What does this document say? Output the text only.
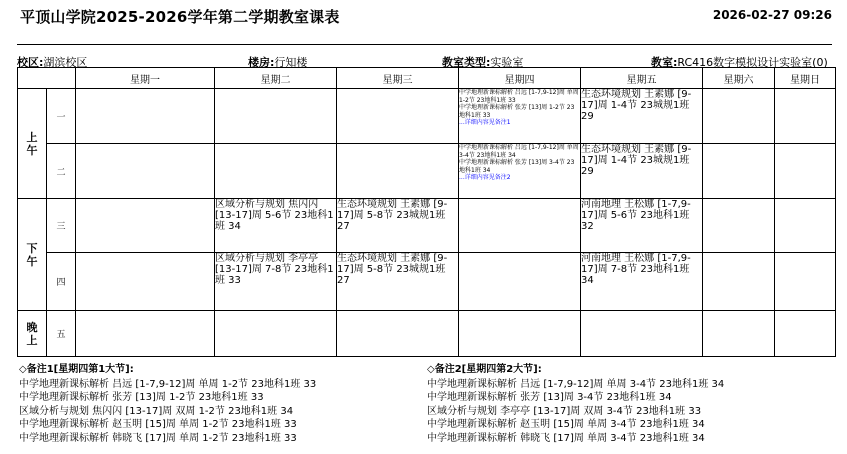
平顶山学院2025-2026学年第二学期教室课表	2026-02-27 09:26
校区:湖滨校区	楼房:行知楼	教室类型:实验室	教室:RC416数字模拟设计实验室(0)
		星期一	星期二	星期三	星期四	星期五	星期六	星期日

上午	一				中学地理新课标解析 吕远 [1-7,9-12]周 单周 1-2节 23地科1班 33
中学地理新课标解析 张芳 [13]周 1-2节 23地科1班 33
...详细内容见备注1	生态环境规划 王素娜 [9-17]周 1-4节 23城规1班 29		

	二				中学地理新课标解析 吕远 [1-7,9-12]周 单周 3-4节 23地科1班 34
中学地理新课标解析 张芳 [13]周 3-4节 23地科1班 34
...详细内容见备注2	生态环境规划 王素娜 [9-17]周 1-4节 23城规1班 29		

下午	三		区域分析与规划 焦闪闪 [13-17]周 5-6节 23地科1班 34	生态环境规划 王素娜 [9-17]周 5-8节 23城规1班 27		河南地理 王松娜 [1-7,9-17]周 5-6节 23地科1班 32		

	四		区域分析与规划 李亭亭 [13-17]周 7-8节 23地科1班 33	生态环境规划 王素娜 [9-17]周 5-8节 23城规1班 27		河南地理 王松娜 [1-7,9-17]周 7-8节 23地科1班 34		

晚上	五							
◇备注1[星期四第1大节]:
中学地理新课标解析 吕远 [1-7,9-12]周 单周 1-2节 23地科1班 33
中学地理新课标解析 张芳 [13]周 1-2节 23地科1班 33
区域分析与规划 焦闪闪 [13-17]周 双周 1-2节 23地科1班 34
中学地理新课标解析 赵玉明 [15]周 单周 1-2节 23地科1班 33
中学地理新课标解析 韩晓飞 [17]周 单周 1-2节 23地科1班 33
◇备注2[星期四第2大节]:
中学地理新课标解析 吕远 [1-7,9-12]周 单周 3-4节 23地科1班 34
中学地理新课标解析 张芳 [13]周 3-4节 23地科1班 34
区域分析与规划 李亭亭 [13-17]周 双周 3-4节 23地科1班 33
中学地理新课标解析 赵玉明 [15]周 单周 3-4节 23地科1班 34
中学地理新课标解析 韩晓飞 [17]周 单周 3-4节 23地科1班 34
